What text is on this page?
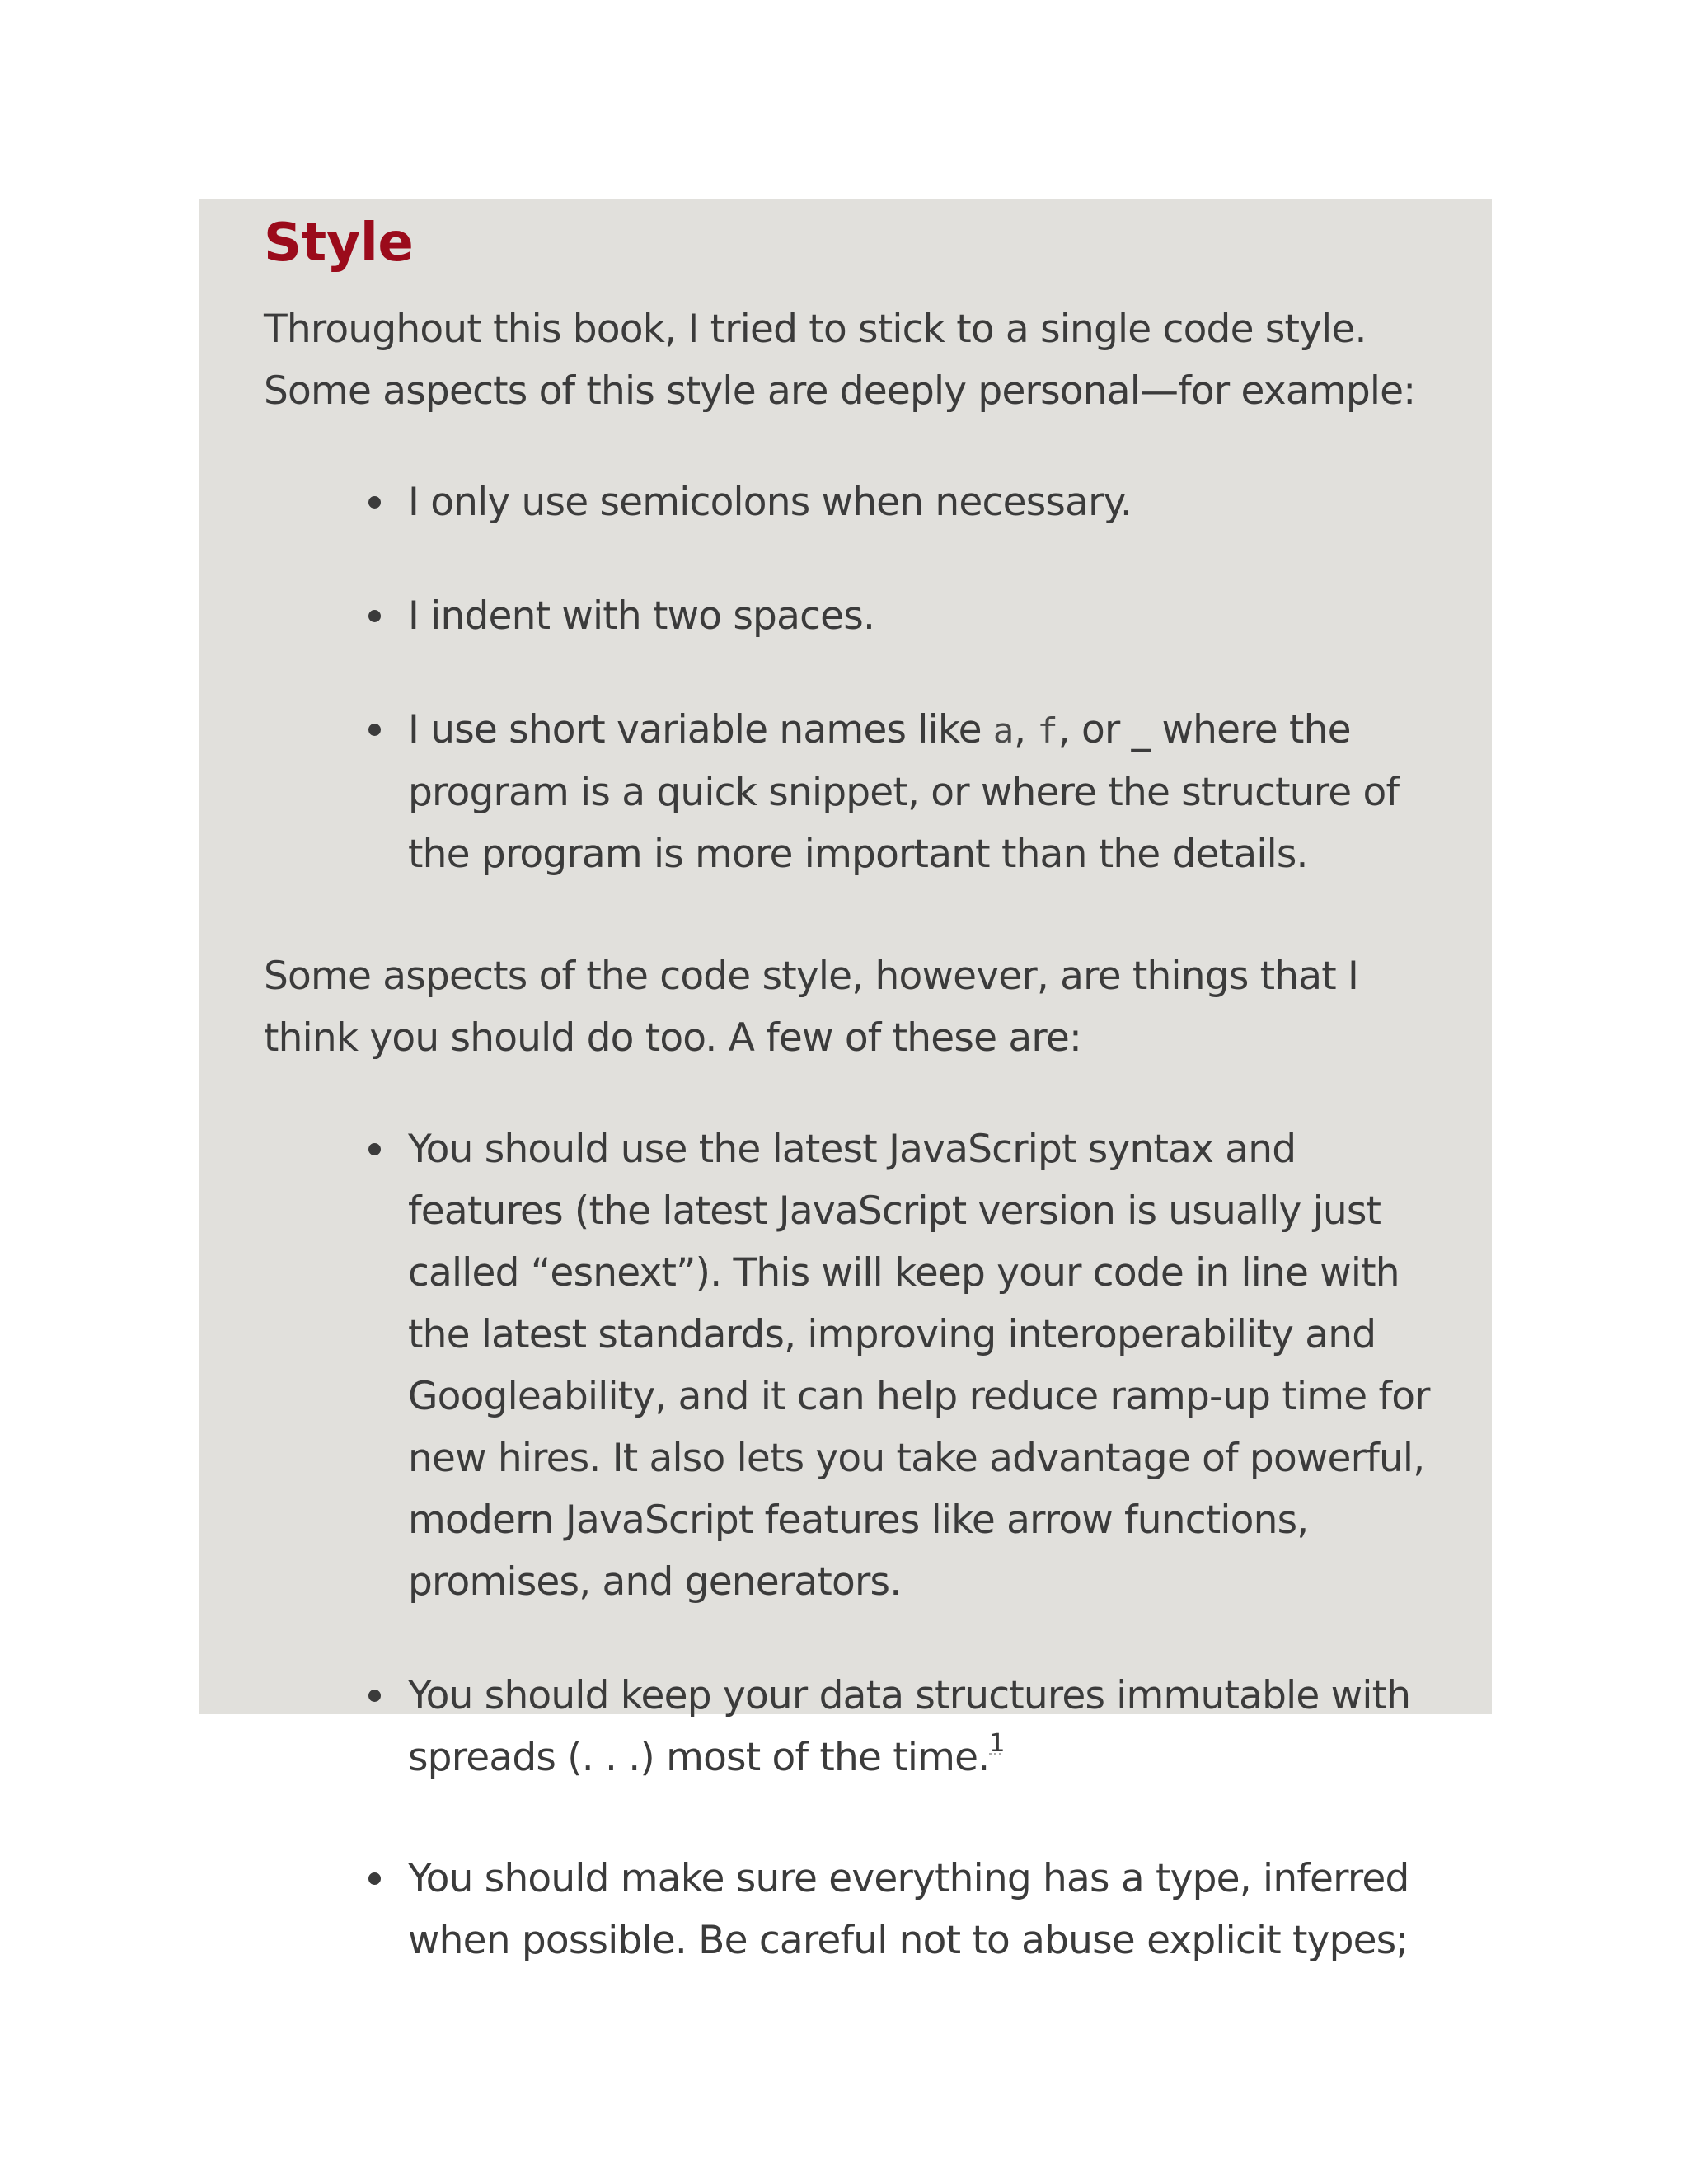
Style

Throughout this book, I tried to stick to a single code style.
Some aspects of this style are deeply personal—for example:

I only use semicolons when necessary.
I indent with two spaces.
I use short variable names like a, f, or _ where the
program is a quick snippet, or where the structure of
the program is more important than the details.

Some aspects of the code style, however, are things that I
think you should do too. A few of these are:

You should use the latest JavaScript syntax and
features (the latest JavaScript version is usually just
called “esnext”). This will keep your code in line with
the latest standards, improving interoperability and
Googleability, and it can help reduce ramp-up time for
new hires. It also lets you take advantage of powerful,
modern JavaScript features like arrow functions,
promises, and generators.
You should keep your data structures immutable with
spreads (. . .) most of the time.$^1$
You should make sure everything has a type, inferred
when possible. Be careful not to abuse explicit types;
